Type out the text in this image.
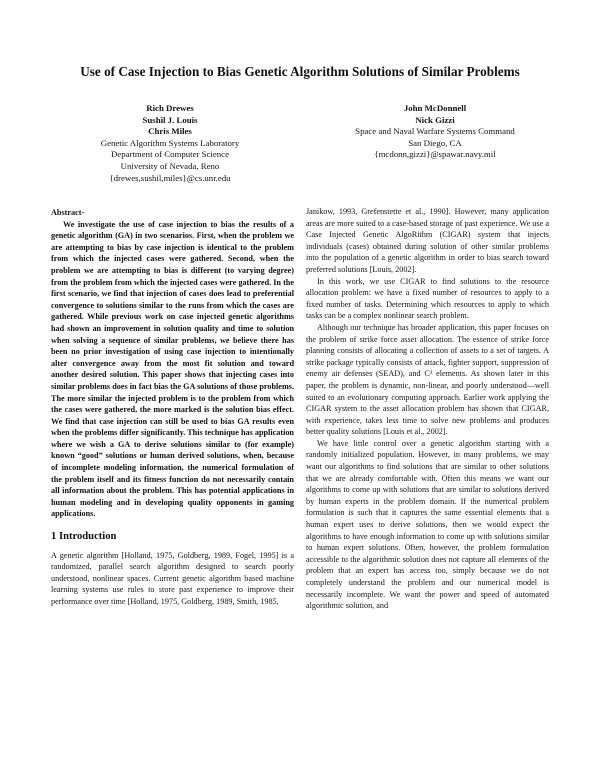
Use of Case Injection to Bias Genetic Algorithm Solutions of Similar Problems
Rich Drewes
Sushil J. Louis
Chris Miles
Genetic Algorithm Systems Laboratory
Department of Computer Science
University of Nevada, Reno
{drewes,sushil,miles}@cs.unr.edu
John McDonnell
Nick Gizzi
Space and Naval Warfare Systems Command
San Diego, CA
{mcdonn,gizzi}@spawar.navy.mil
Abstract-
We investigate the use of case injection to bias the results of a genetic algorithm (GA) in two scenarios. First, when the problem we are attempting to bias by case injection is identical to the problem from which the injected cases were gathered. Second, when the problem we are attempting to bias is different (to varying degree) from the problem from which the injected cases were gathered. In the first scenario, we find that injection of cases does lead to preferential convergence to solutions similar to the runs from which the cases are gathered. While previous work on case injected genetic algorithms had shown an improvement in solution quality and time to solution when solving a sequence of similar problems, we believe there has been no prior investigation of using case injection to intentionally alter convergence away from the most fit solution and toward another desired solution. This paper shows that injecting cases into similar problems does in fact bias the GA solutions of those problems. The more similar the injected problem is to the problem from which the cases were gathered, the more marked is the solution bias effect. We find that case injection can still be used to bias GA results even when the problems differ significantly. This technique has application where we wish a GA to derive solutions similar to (for example) known “good” solutions or human derived solutions, when, because of incomplete modeling information, the numerical formulation of the problem itself and its fitness function do not necessarily contain all information about the problem. This has potential applications in human modeling and in developing quality opponents in gaming applications.
1 Introduction
A genetic algorithm [Holland, 1975, Goldberg, 1989, Fogel, 1995] is a randomized, parallel search algorithm designed to search poorly understood, nonlinear spaces. Current genetic algorithm based machine learning systems use rules to store past experience to improve their performance over time [Holland, 1975, Goldberg, 1989, Smith, 1985,
Janikow, 1993, Grefenstette et al., 1990]. However, many application areas are more suited to a case-based storage of past experience. We use a Case Injected Genetic AlgoRithm (CIGAR) system that injects individuals (cases) obtained during solution of other similar problems into the population of a genetic algorithm in order to bias search toward preferred solutions [Louis, 2002].
In this work, we use CIGAR to find solutions to the resource allocation problem: we have a fixed number of resources to apply to a fixed number of tasks. Determining which resources to apply to which tasks can be a complex nonlinear search problem.
Although our technique has broader application, this paper focuses on the problem of strike force asset allocation. The essence of strike force planning consists of allocating a collection of assets to a set of targets. A strike package typically consists of attack, fighter support, suppression of enemy air defenses (SEAD), and C² elements. As shown later in this paper, the problem is dynamic, non-linear, and poorly understood—well suited to an evolutionary computing approach. Earlier work applying the CIGAR system to the asset allocation problem has shown that CIGAR, with experience, takes less time to solve new problems and produces better quality solutions [Louis et al., 2002].
We have little control over a genetic algorithm starting with a randomly initialized population. However, in many problems, we may want our algorithms to find solutions that are similar to other solutions that we are already comfortable with. Often this means we want our algorithms to come up with solutions that are similar to solutions derived by human experts in the problem domain. If the numerical problem formulation is such that it captures the same essential elements that a human expert uses to derive solutions, then we would expect the algorithms to have enough information to come up with solutions similar to human expert solutions. Often, however, the problem formulation accessible to the algorithmic solution does not capture all elements of the problem that an expert has access too, simply because we do not completely understand the problem and our numerical model is necessarily incomplete. We want the power and speed of automated algorithmic solution, and
